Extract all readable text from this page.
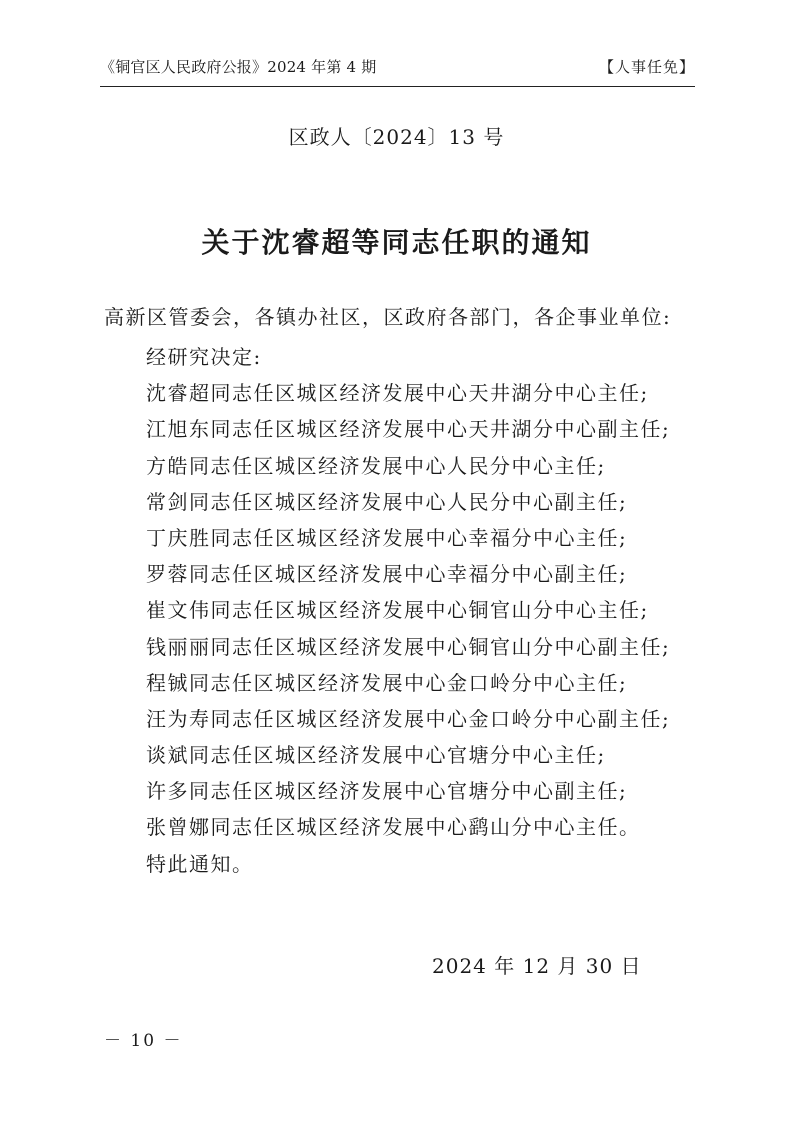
《铜官区人民政府公报》2024 年第 4 期	【人事任免】
区政人〔2024〕13 号
关于沈睿超等同志任职的通知
高新区管委会，各镇办社区，区政府各部门，各企事业单位:
经研究决定:
沈睿超同志任区城区经济发展中心天井湖分中心主任;
江旭东同志任区城区经济发展中心天井湖分中心副主任;
方皓同志任区城区经济发展中心人民分中心主任;
常剑同志任区城区经济发展中心人民分中心副主任;
丁庆胜同志任区城区经济发展中心幸福分中心主任;
罗蓉同志任区城区经济发展中心幸福分中心副主任;
崔文伟同志任区城区经济发展中心铜官山分中心主任;
钱丽丽同志任区城区经济发展中心铜官山分中心副主任;
程铖同志任区城区经济发展中心金口岭分中心主任;
汪为寿同志任区城区经济发展中心金口岭分中心副主任;
谈斌同志任区城区经济发展中心官塘分中心主任;
许多同志任区城区经济发展中心官塘分中心副主任;
张曾娜同志任区城区经济发展中心鹞山分中心主任。
特此通知。
2024 年 12 月 30 日
－ 10 －
